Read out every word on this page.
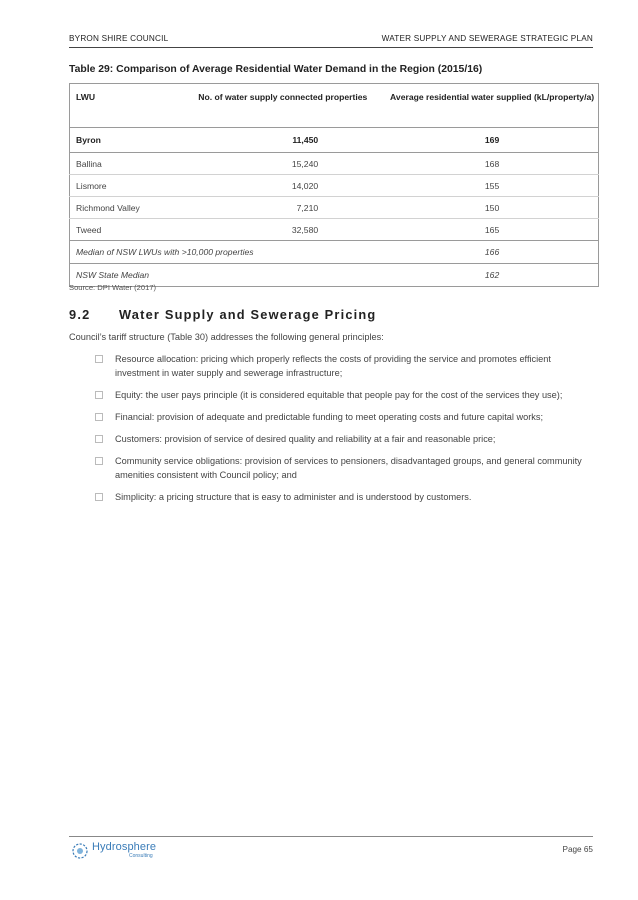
BYRON SHIRE COUNCIL	WATER SUPPLY AND SEWERAGE STRATEGIC PLAN
Table 29: Comparison of Average Residential Water Demand in the Region (2015/16)
LWU	No. of water supply connected properties	Average residential water supplied (kL/property/a)
Byron	11,450	169
Ballina	15,240	168
Lismore	14,020	155
Richmond Valley	7,210	150
Tweed	32,580	165
Median of NSW LWUs with >10,000 properties		166
NSW State Median		162
Source: DPI Water (2017)
9.2 Water Supply and Sewerage Pricing
Council’s tariff structure (Table 30) addresses the following general principles:
Resource allocation: pricing which properly reflects the costs of providing the service and promotes efficient investment in water supply and sewerage infrastructure;
Equity: the user pays principle (it is considered equitable that people pay for the cost of the services they use);
Financial: provision of adequate and predictable funding to meet operating costs and future capital works;
Customers: provision of service of desired quality and reliability at a fair and reasonable price;
Community service obligations: provision of services to pensioners, disadvantaged groups, and general community amenities consistent with Council policy; and
Simplicity: a pricing structure that is easy to administer and is understood by customers.
Hydrosphere
Consulting
Page 65
